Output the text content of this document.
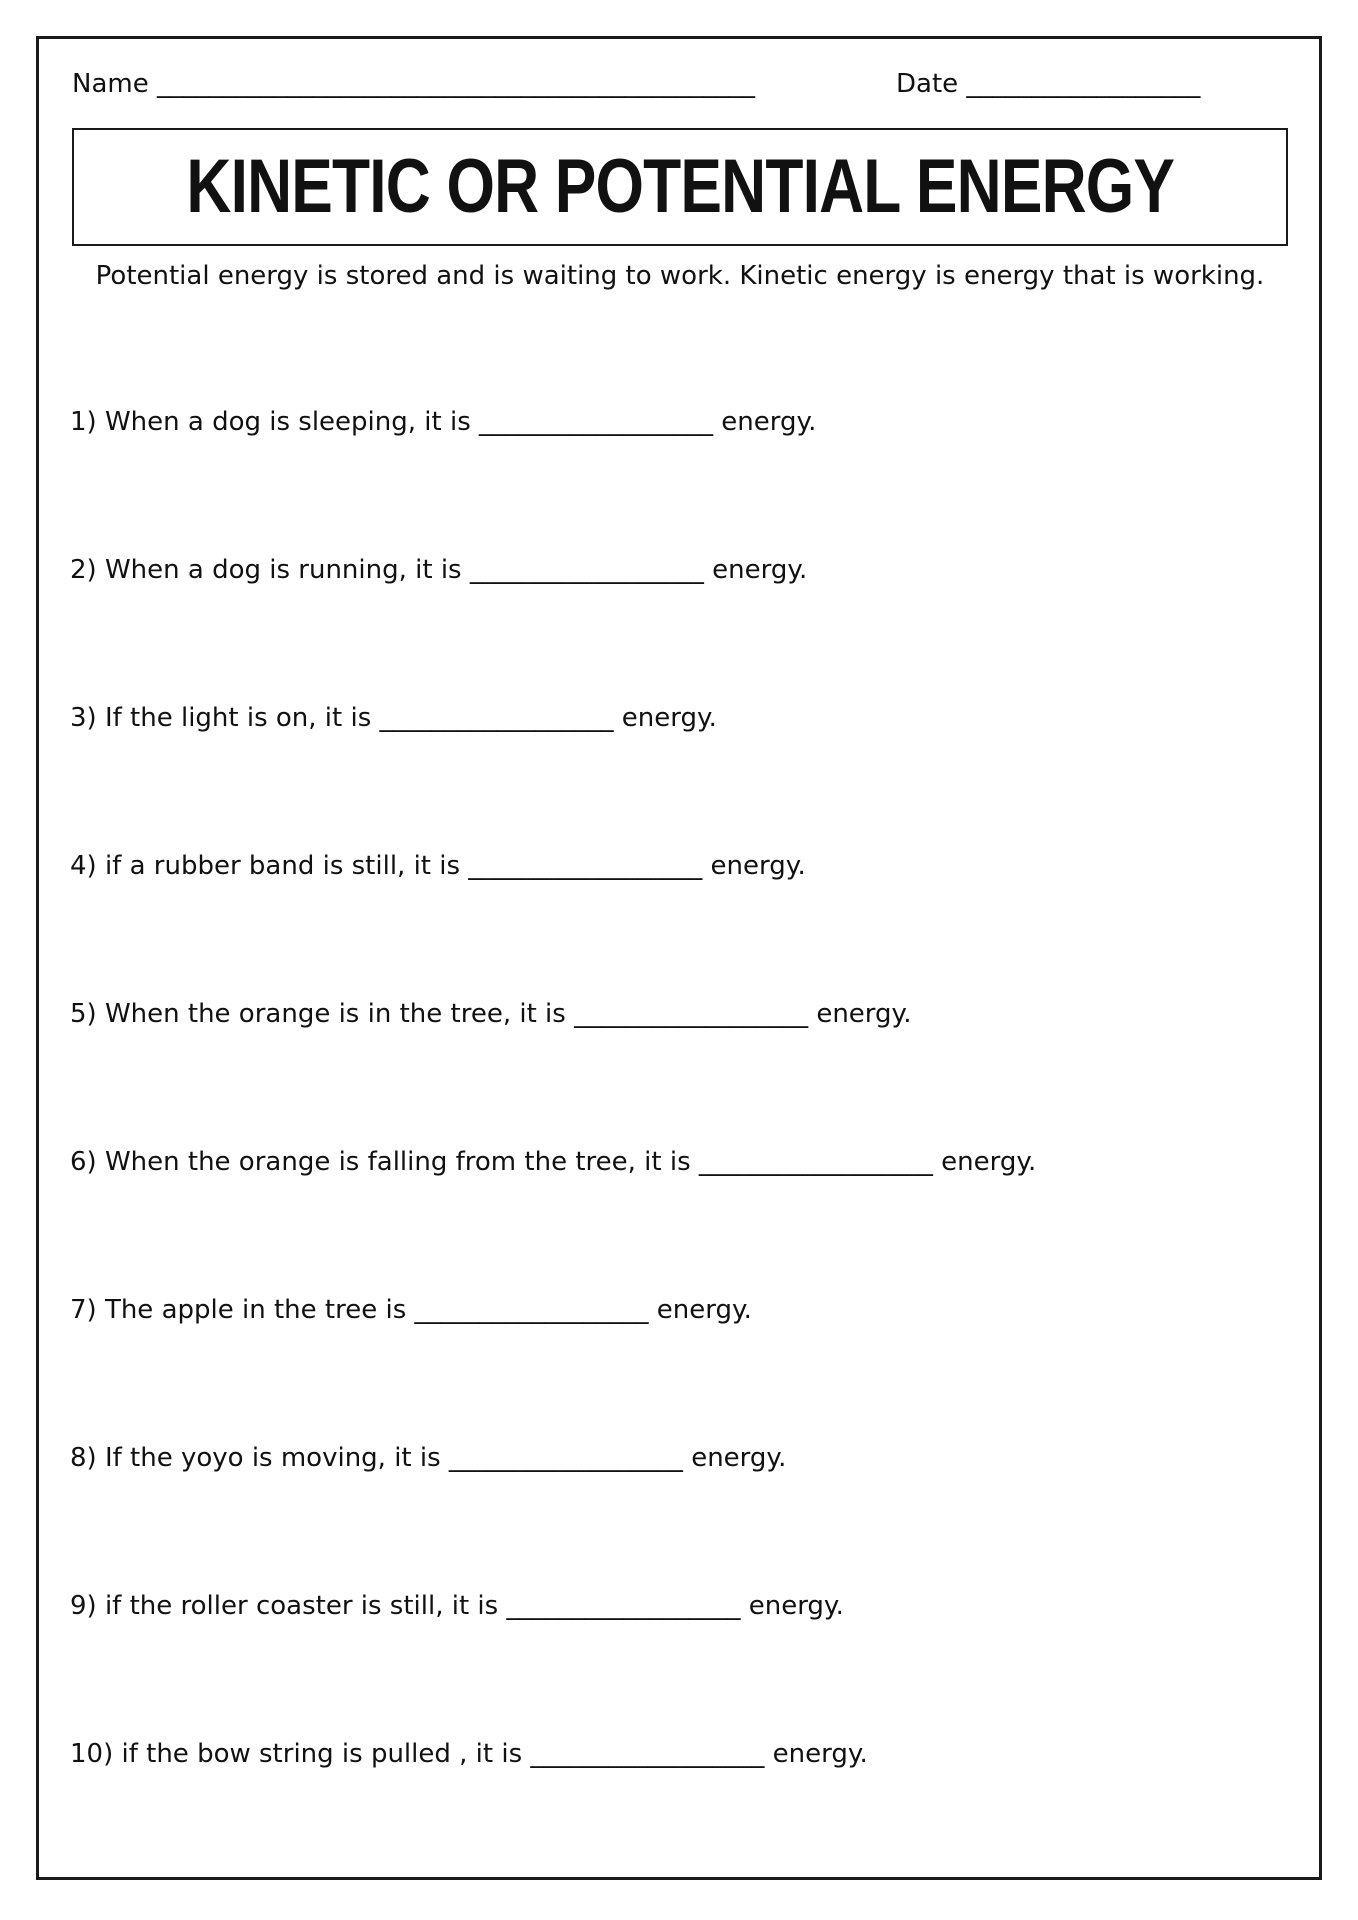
Name ______________________________________________	Date __________________
KINETIC OR POTENTIAL ENERGY
Potential energy is stored and is waiting to work. Kinetic energy is energy that is working.
1) When a dog is sleeping, it is __________________ energy.
2) When a dog is running, it is __________________ energy.
3) If the light is on, it is __________________ energy.
4) if a rubber band is still, it is __________________ energy.
5) When the orange is in the tree, it is __________________ energy.
6) When the orange is falling from the tree, it is __________________ energy.
7) The apple in the tree is __________________ energy.
8) If the yoyo is moving, it is __________________ energy.
9) if the roller coaster is still, it is __________________ energy.
10) if the bow string is pulled , it is __________________ energy.
